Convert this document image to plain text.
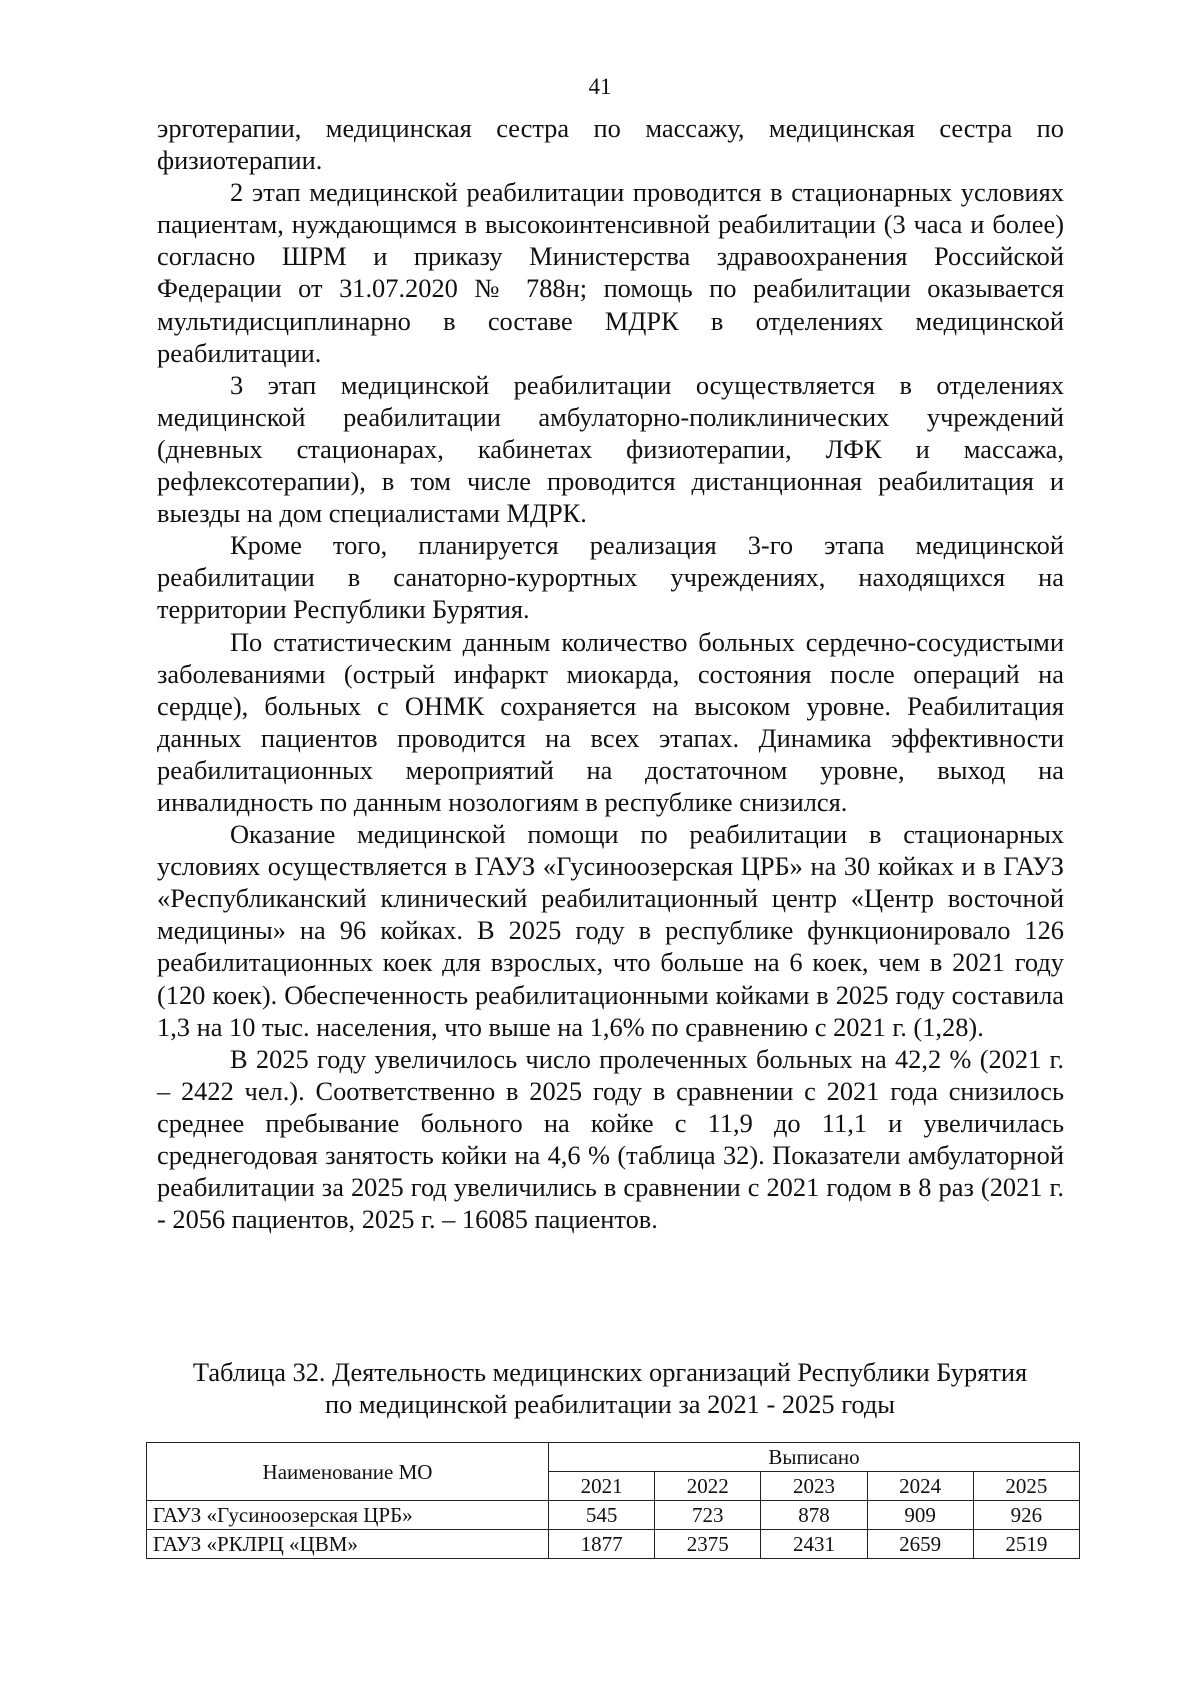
41

эрготерапии, медицинская сестра по массажу, медицинская сестра по физиотерапии.

2 этап медицинской реабилитации проводится в стационарных условиях пациентам, нуждающимся в высокоинтенсивной реабилитации (3 часа и более) согласно ШРМ и приказу Министерства здравоохранения Российской Федерации от 31.07.2020 № 788н; помощь по реабилитации оказывается мультидисциплинарно в составе МДРК в отделениях медицинской реабилитации.

3 этап медицинской реабилитации осуществляется в отделениях медицинской реабилитации амбулаторно-поликлинических учреждений (дневных стационарах, кабинетах физиотерапии, ЛФК и массажа, рефлексотерапии), в том числе проводится дистанционная реабилитация и выезды на дом специалистами МДРК.

Кроме того, планируется реализация 3-го этапа медицинской реабилитации в санаторно-курортных учреждениях, находящихся на территории Республики Бурятия.

По статистическим данным количество больных сердечно-сосудистыми заболеваниями (острый инфаркт миокарда, состояния после операций на сердце), больных с ОНМК сохраняется на высоком уровне. Реабилитация данных пациентов проводится на всех этапах. Динамика эффективности реабилитационных мероприятий на достаточном уровне, выход на инвалидность по данным нозологиям в республике снизился.

Оказание медицинской помощи по реабилитации в стационарных условиях осуществляется в ГАУЗ «Гусиноозерская ЦРБ» на 30 койках и в ГАУЗ «Республиканский клинический реабилитационный центр «Центр восточной медицины» на 96 койках. В 2025 году в республике функционировало 126 реабилитационных коек для взрослых, что больше на 6 коек, чем в 2021 году (120 коек). Обеспеченность реабилитационными койками в 2025 году составила 1,3 на 10 тыс. населения, что выше на 1,6% по сравнению с 2021 г. (1,28).

В 2025 году увеличилось число пролеченных больных на 42,2 % (2021 г. – 2422 чел.). Соответственно в 2025 году в сравнении с 2021 года снизилось среднее пребывание больного на койке с 11,9 до 11,1 и увеличилась среднегодовая занятость койки на 4,6 % (таблица 32). Показатели амбулаторной реабилитации за 2025 год увеличились в сравнении с 2021 годом в 8 раз (2021 г. - 2056 пациентов, 2025 г. – 16085 пациентов.

Таблица 32. Деятельность медицинских организаций Республики Бурятия
по медицинской реабилитации за 2021 - 2025 годы
Наименование МО	Выписано				
	2021	2022	2023	2024	2025
ГАУЗ «Гусиноозерская ЦРБ»	545	723	878	909	926
ГАУЗ «РКЛРЦ «ЦВМ»	1877	2375	2431	2659	2519
